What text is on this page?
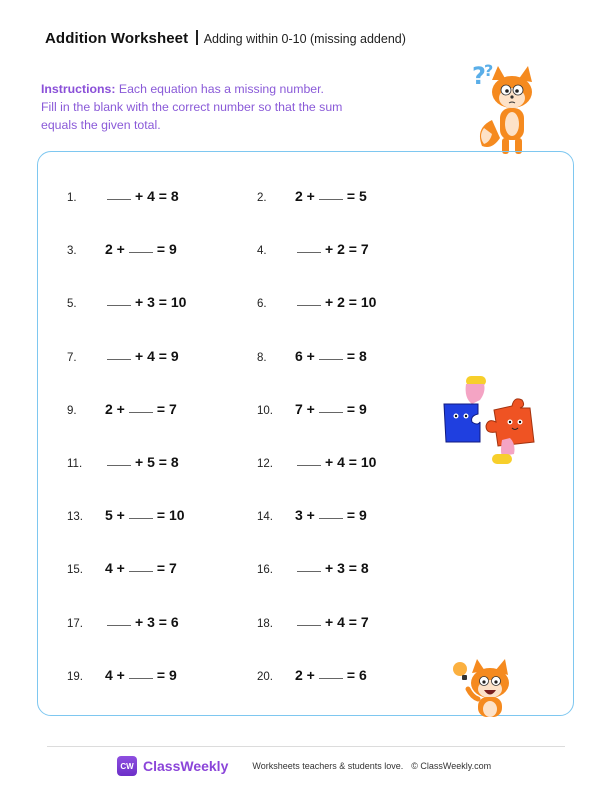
Addition Worksheet Adding within 0-10 (missing addend)
Instructions: Each equation has a missing number.
Fill in the blank with the correct number so that the sum
equals the given total.
?
?
1.	+ 4 = 8	2.	2 + = 5
3.	2 + = 9	4.	+ 2 = 7
5.	+ 3 = 10	6.	+ 2 = 10
7.	+ 4 = 9	8.	6 + = 8
9.	2 + = 7	10.	7 + = 9
11.	+ 5 = 8	12.	+ 4 = 10
13.	5 + = 10	14.	3 + = 9
15.	4 + = 7	16.	+ 3 = 8
17.	+ 3 = 6	18.	+ 4 = 7
19.	4 + = 9	20.	2 + = 6
CW ClassWeekly	Worksheets teachers & students love. © ClassWeekly.com
